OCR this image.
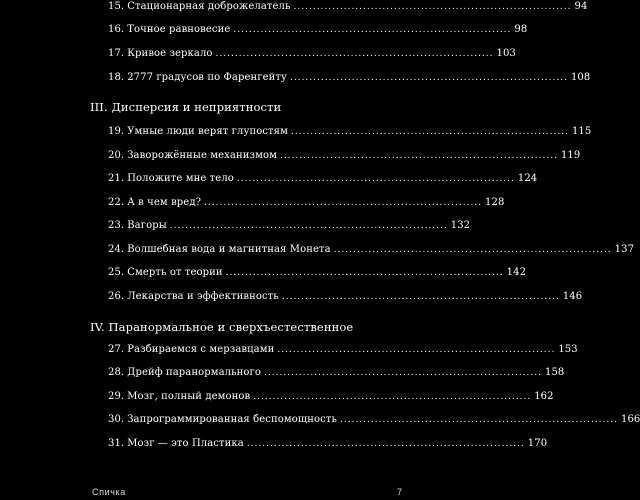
15. Стационарная доброжелатель ........................................................................ 94
16. Точное равновесие ........................................................................ 98
17. Кривое зеркало ........................................................................ 103
18. 2777 градусов по Фаренгейту ........................................................................ 108
III. Дисперсия и неприятности
19. Умные люди верят глупостям ........................................................................ 115
20. Заворожённые механизмом ........................................................................ 119
21. Положите мне тело ........................................................................ 124
22. А в чем вред? ........................................................................ 128
23. Вагоры ........................................................................ 132
24. Волшебная вода и магнитная Монета ........................................................................ 137
25. Смерть от теории ........................................................................ 142
26. Лекарства и эффективность ........................................................................ 146
IV. Паранормальное и сверхъестественное
27. Разбираемся с мерзавцами ........................................................................ 153
28. Дрейф паранормального ........................................................................ 158
29. Мозг, полный демонов ........................................................................ 162
30. Запрограммированная беспомощность ........................................................................ 166
31. Мозг — это Пластика ........................................................................ 170
Спичка	7
